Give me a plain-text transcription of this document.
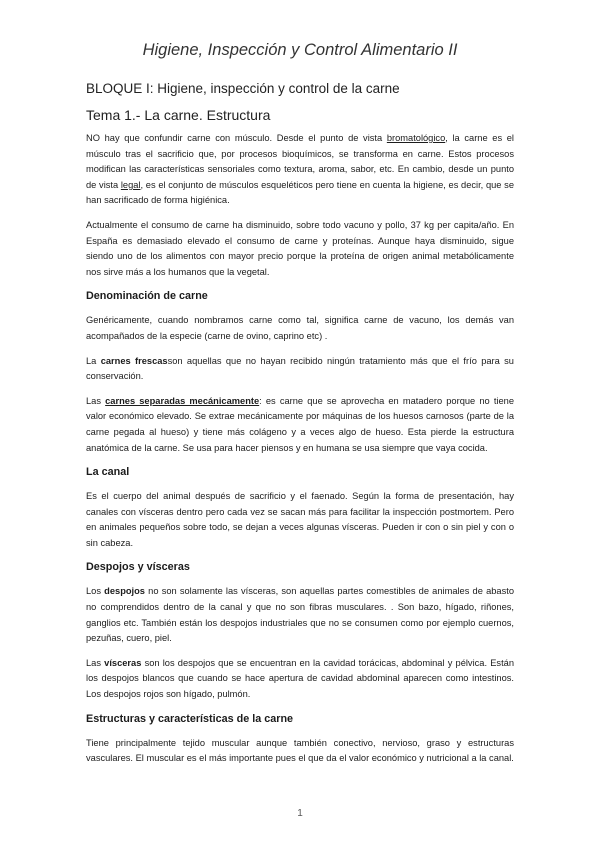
Higiene, Inspección y Control Alimentario II
BLOQUE I: Higiene, inspección y control de la carne
Tema 1.- La carne. Estructura

NO hay que confundir carne con músculo. Desde el punto de vista bromatológico, la carne es el músculo tras el sacrificio que, por procesos bioquímicos, se transforma en carne. Estos procesos modifican las características sensoriales como textura, aroma, sabor, etc. En cambio, desde un punto de vista legal, es el conjunto de músculos esqueléticos pero tiene en cuenta la higiene, es decir, que se han sacrificado de forma higiénica.

Actualmente el consumo de carne ha disminuido, sobre todo vacuno y pollo, 37 kg per capita/año. En España es demasiado elevado el consumo de carne y proteínas. Aunque haya disminuido, sigue siendo uno de los alimentos con mayor precio porque la proteína de origen animal metabólicamente nos sirve más a los humanos que la vegetal.

Denominación de carne

Genéricamente, cuando nombramos carne como tal, significa carne de vacuno, los demás van acompañados de la especie (carne de ovino, caprino etc) .

La carnes frescasson aquellas que no hayan recibido ningún tratamiento más que el frío para su conservación.

Las carnes separadas mecánicamente: es carne que se aprovecha en matadero porque no tiene valor económico elevado. Se extrae mecánicamente por máquinas de los huesos carnosos (parte de la carne pegada al hueso) y tiene más colágeno y a veces algo de hueso. Esta pierde la estructura anatómica de la carne. Se usa para hacer piensos y en humana se usa siempre que vaya cocida.

La canal

Es el cuerpo del animal después de sacrificio y el faenado. Según la forma de presentación, hay canales con vísceras dentro pero cada vez se sacan más para facilitar la inspección postmortem. Pero en animales pequeños sobre todo, se dejan a veces algunas vísceras. Pueden ir con o sin piel y con o sin cabeza.

Despojos y vísceras

Los despojos no son solamente las vísceras, son aquellas partes comestibles de animales de abasto no comprendidos dentro de la canal y que no son fibras musculares. . Son bazo, hígado, riñones, ganglios etc. También están los despojos industriales que no se consumen como por ejemplo cuernos, pezuñas, cuero, piel.

Las vísceras son los despojos que se encuentran en la cavidad torácicas, abdominal y pélvica. Están los despojos blancos que cuando se hace apertura de cavidad abdominal aparecen como intestinos. Los despojos rojos son hígado, pulmón.

Estructuras y características de la carne

Tiene principalmente tejido muscular aunque también conectivo, nervioso, graso y estructuras vasculares. El muscular es el más importante pues el que da el valor económico y nutricional a la canal.

1
